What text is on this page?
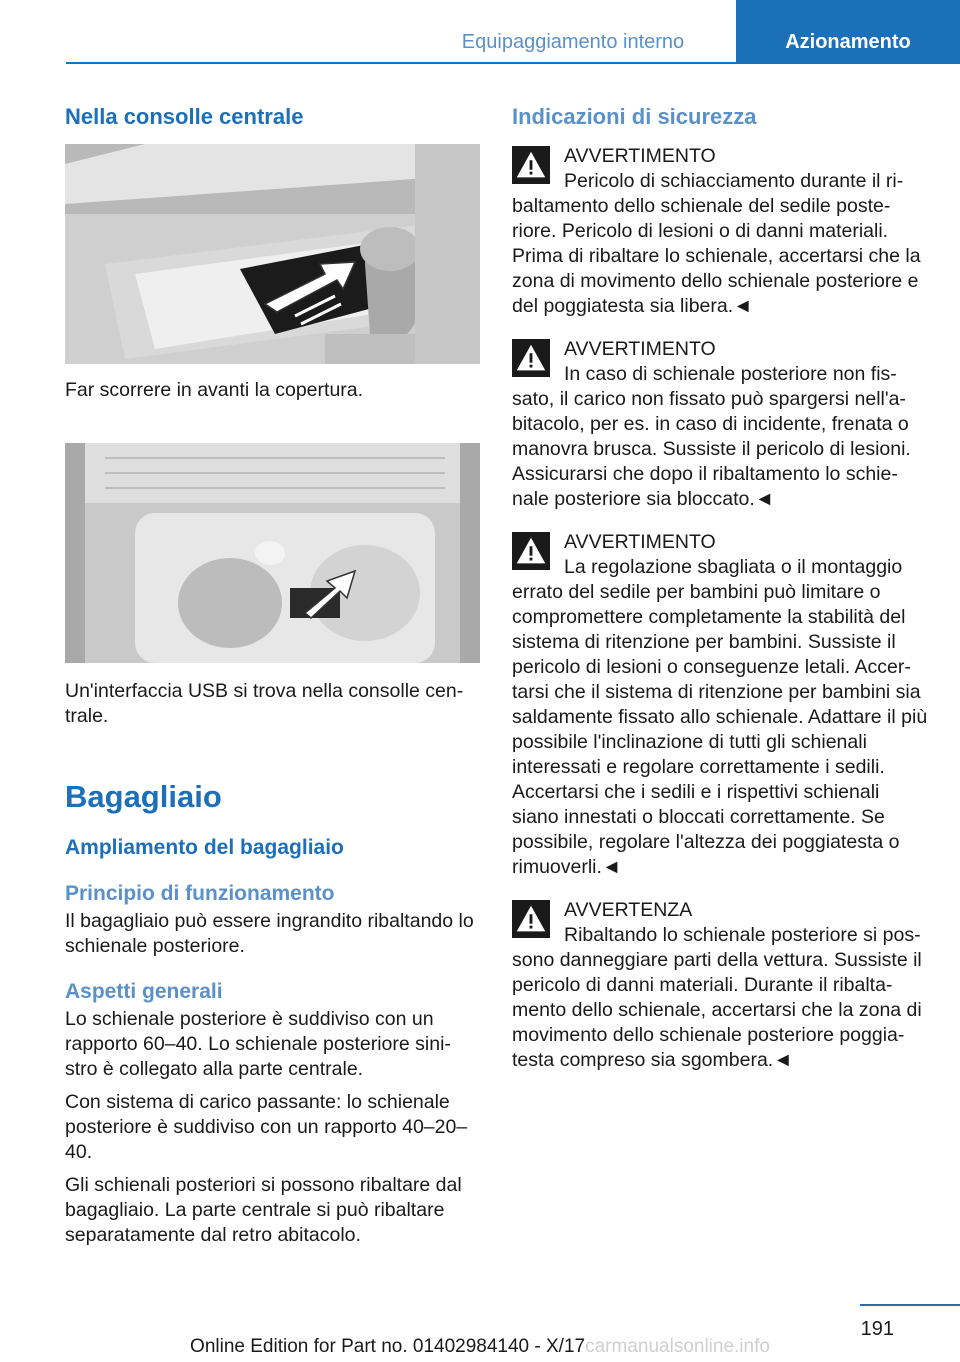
Equipaggiamento interno	Azionamento
Nella consolle centrale

Far scorrere in avanti la copertura.

Un'interfaccia USB si trova nella consolle cen‐ trale.

Bagagliaio
Ampliamento del bagagliaio
Principio di funzionamento

Il bagagliaio può essere ingrandito ribaltando lo schienale posteriore.

Aspetti generali

Lo schienale posteriore è suddiviso con un rapporto 60–40. Lo schienale posteriore sini‐ stro è collegato alla parte centrale.

Con sistema di carico passante: lo schienale posteriore è suddiviso con un rapporto 40–20– 40.

Gli schienali posteriori si possono ribaltare dal bagagliaio. La parte centrale si può ribaltare separatamente dal retro abitacolo.

Indicazioni di sicurezza

AVVERTIMENTO

Pericolo di schiacciamento durante il ri‐ baltamento dello schienale del sedile poste‐ riore. Pericolo di lesioni o di danni materiali. Prima di ribaltare lo schienale, accertarsi che la zona di movimento dello schienale posteriore e del poggiatesta sia libera.◄

AVVERTIMENTO

In caso di schienale posteriore non fis‐ sato, il carico non fissato può spargersi nell'a‐ bitacolo, per es. in caso di incidente, frenata o manovra brusca. Sussiste il pericolo di lesioni. Assicurarsi che dopo il ribaltamento lo schie‐ nale posteriore sia bloccato.◄

AVVERTIMENTO

La regolazione sbagliata o il montaggio errato del sedile per bambini può limitare o compromettere completamente la stabilità del sistema di ritenzione per bambini. Sussiste il pericolo di lesioni o conseguenze letali. Accer‐ tarsi che il sistema di ritenzione per bambini sia saldamente fissato allo schienale. Adattare il più possibile l'inclinazione di tutti gli schienali interessati e regolare correttamente i sedili. Accertarsi che i sedili e i rispettivi schienali siano innestati o bloccati correttamente. Se possibile, regolare l'altezza dei poggiatesta o rimuoverli.◄

AVVERTENZA

Ribaltando lo schienale posteriore si pos‐ sono danneggiare parti della vettura. Sussiste il pericolo di danni materiali. Durante il ribalta‐ mento dello schienale, accertarsi che la zona di movimento dello schienale posteriore poggia‐ testa compreso sia sgombera.◄

191
Online Edition for Part no. 01402984140 - X/17carmanualsonline.info
